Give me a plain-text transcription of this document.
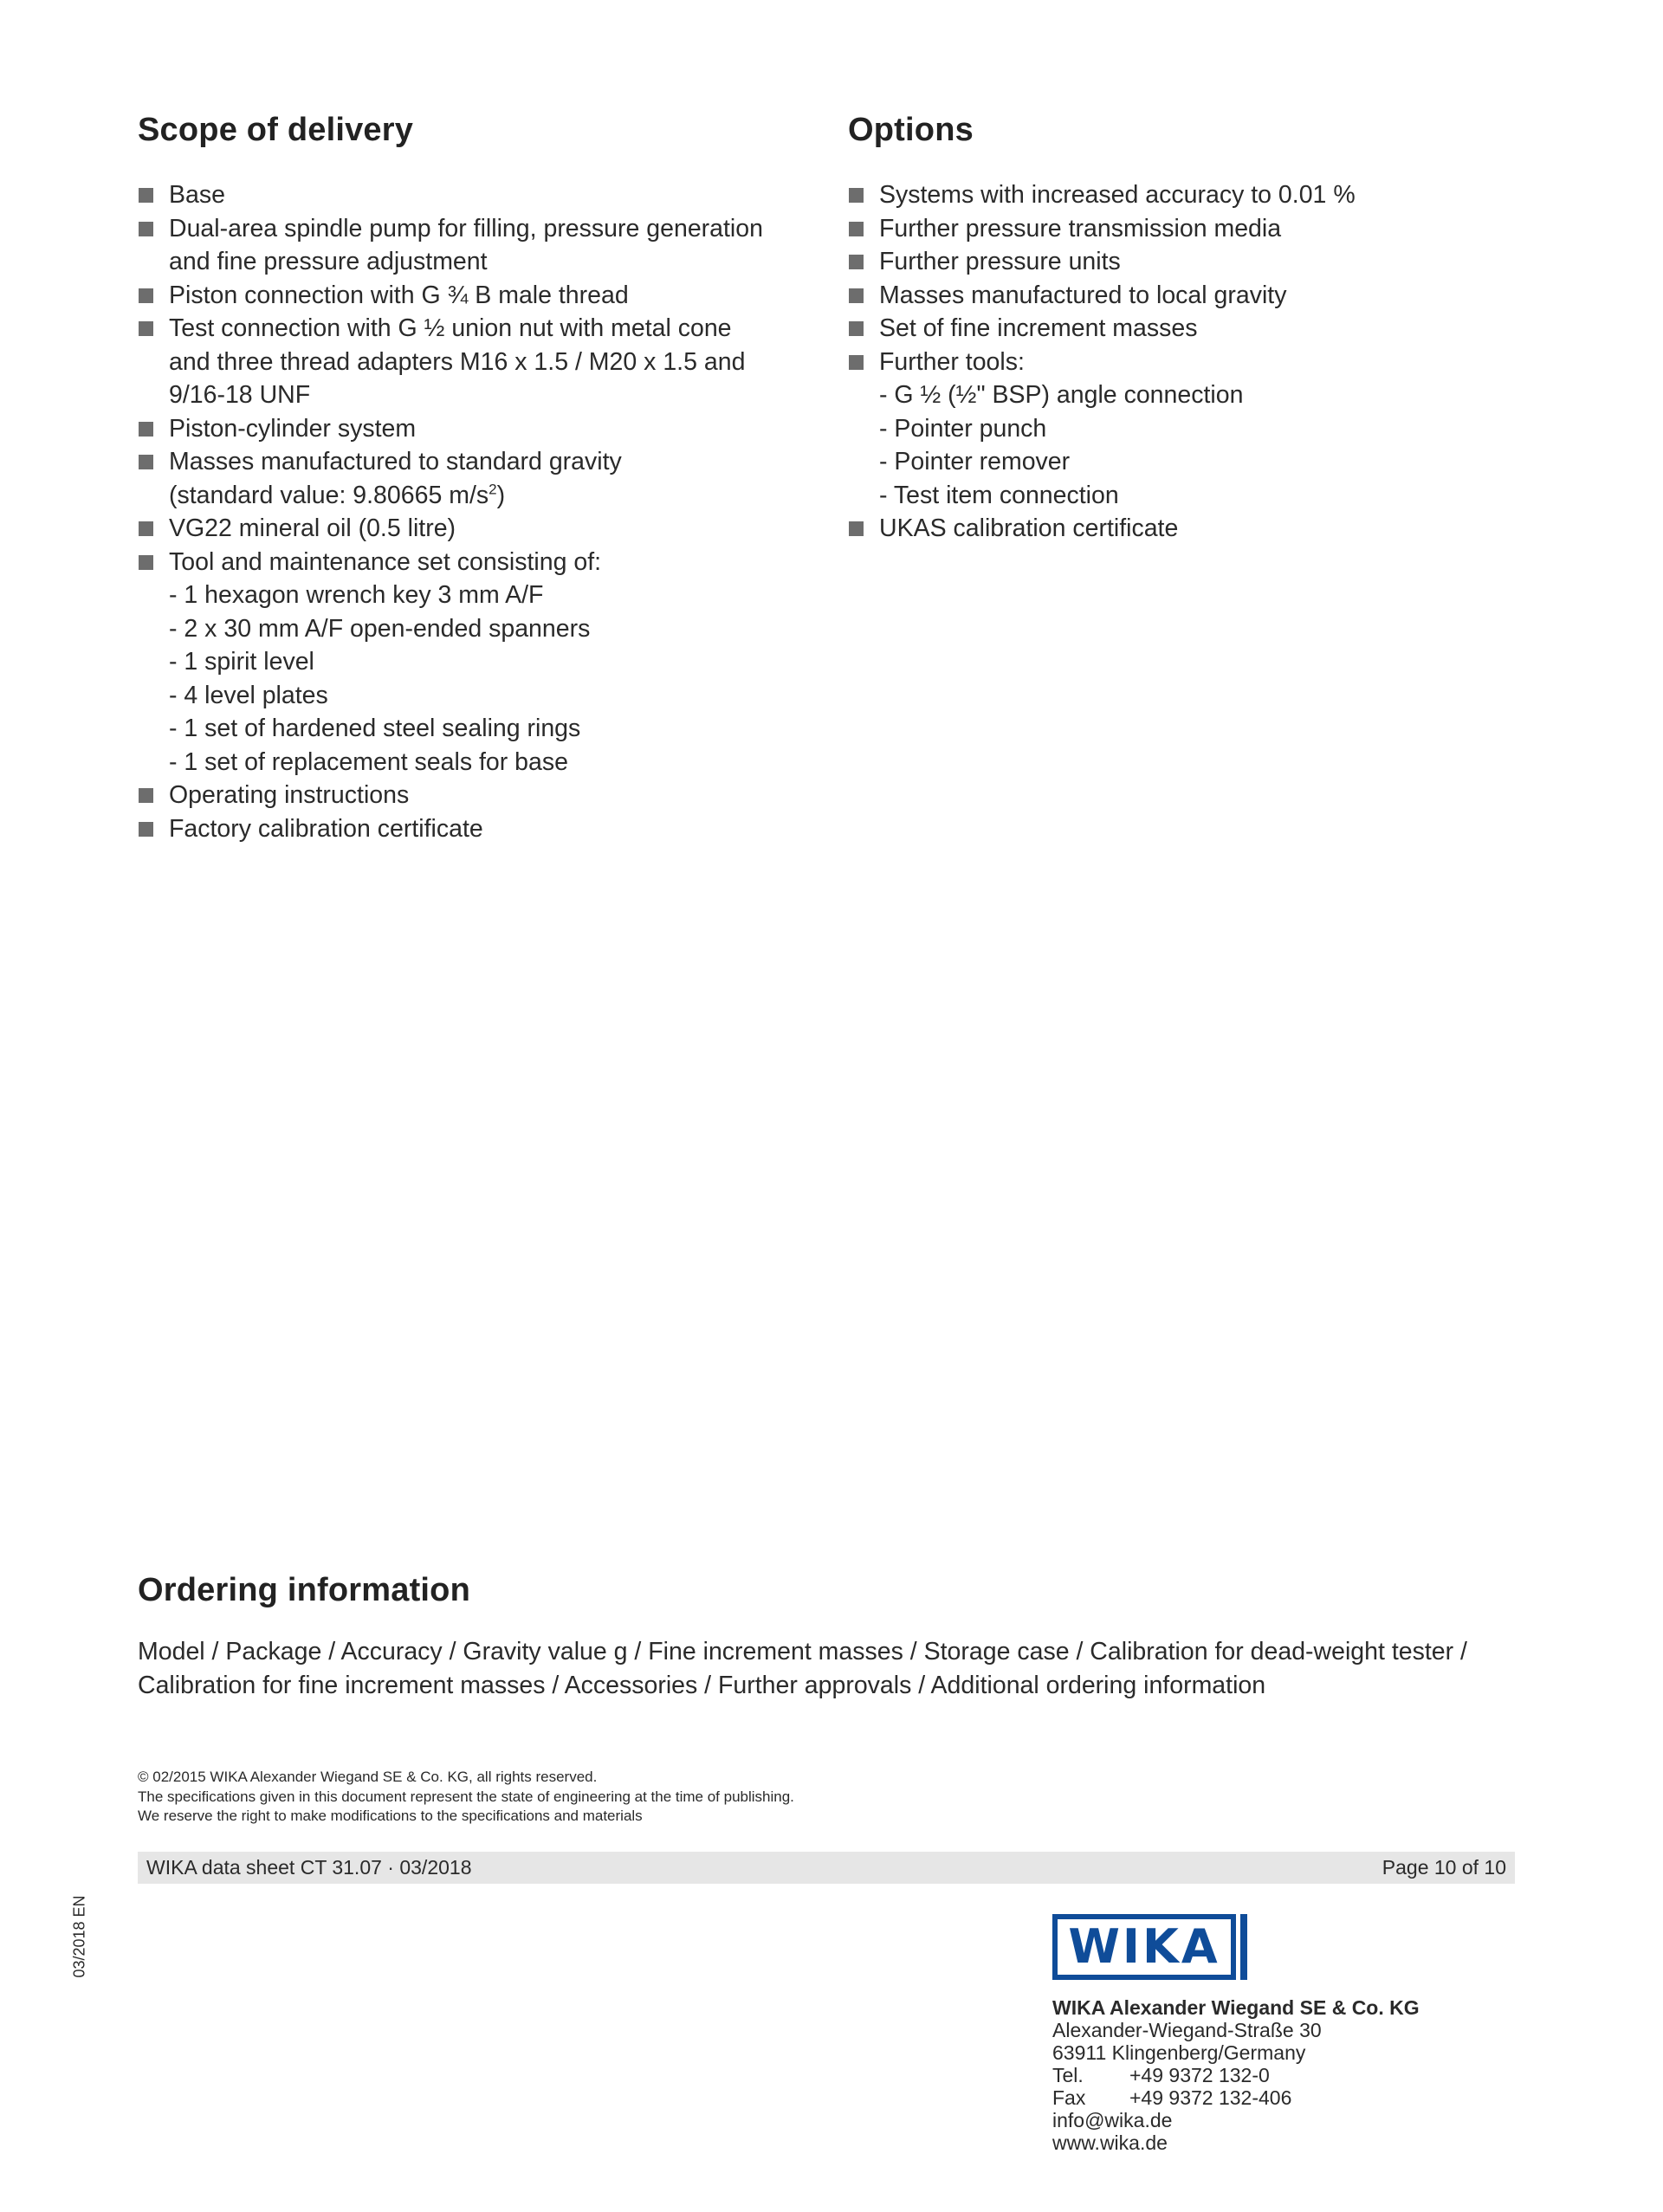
Scope of delivery
Base
Dual-area spindle pump for filling, pressure generation
and fine pressure adjustment
Piston connection with G ¾ B male thread
Test connection with G ½ union nut with metal cone
and three thread adapters M16 x 1.5 / M20 x 1.5 and
9/16-18 UNF
Piston-cylinder system
Masses manufactured to standard gravity
(standard value: 9.80665 $m/s^2$)
VG22 mineral oil (0.5 litre)
Tool and maintenance set consisting of:
- 1 hexagon wrench key 3 mm A/F
- 2 x 30 mm A/F open-ended spanners
- 1 spirit level
- 4 level plates
- 1 set of hardened steel sealing rings
- 1 set of replacement seals for base
Operating instructions
Factory calibration certificate
Options
Systems with increased accuracy to 0.01 %
Further pressure transmission media
Further pressure units
Masses manufactured to local gravity
Set of fine increment masses
Further tools:
- G ½ (½" BSP) angle connection
- Pointer punch
- Pointer remover
- Test item connection
UKAS calibration certificate
Ordering information

Model / Package / Accuracy / Gravity value g / Fine increment masses / Storage case / Calibration for dead-weight tester /
Calibration for fine increment masses / Accessories / Further approvals / Additional ordering information

© 02/2015 WIKA Alexander Wiegand SE & Co. KG, all rights reserved.
The specifications given in this document represent the state of engineering at the time of publishing.
We reserve the right to make modifications to the specifications and materials
WIKA data sheet CT 31.07 · 03/2018	Page 10 of 10
03/2018 EN	WIKA
WIKA Alexander Wiegand SE & Co. KG
Alexander-Wiegand-Straße 30
63911 Klingenberg/Germany
Tel.	+49 9372 132-0
Fax	+49 9372 132-406
info@wika.de
www.wika.de
